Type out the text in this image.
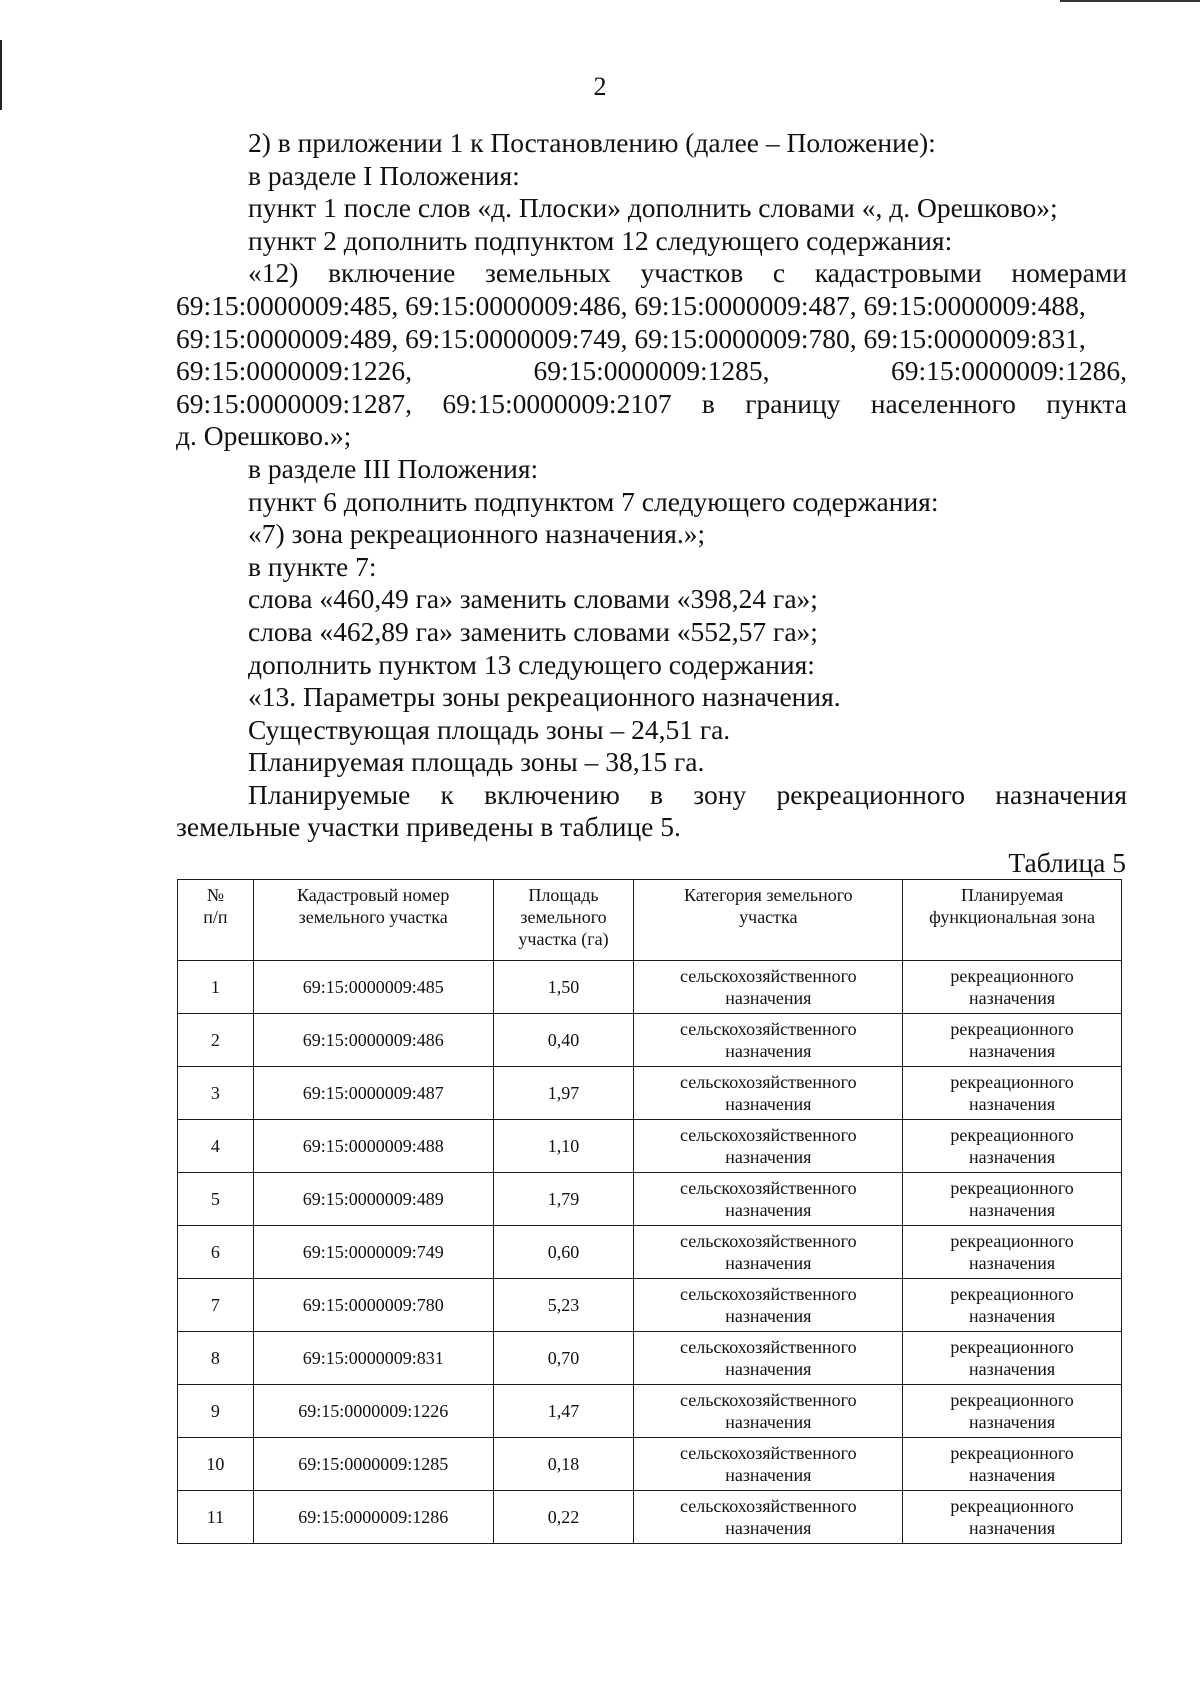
2

2) в приложении 1 к Постановлению (далее – Положение):

в разделе I Положения:

пункт 1 после слов «д. Плоски» дополнить словами «, д. Орешково»;

пункт 2 дополнить подпунктом 12 следующего содержания:

«12) включение земельных участков с кадастровыми номерами

69:15:0000009:485, 69:15:0000009:486, 69:15:0000009:487, 69:15:0000009:488,
69:15:0000009:489, 69:15:0000009:749, 69:15:0000009:780, 69:15:0000009:831,
69:15:0000009:1226,	69:15:0000009:1285,	69:15:0000009:1286,

69:15:0000009:1287, 69:15:0000009:2107 в границу населенного пункта

д. Орешково.»;

в разделе III Положения:

пункт 6 дополнить подпунктом 7 следующего содержания:

«7) зона рекреационного назначения.»;

в пункте 7:

слова «460,49 га» заменить словами «398,24 га»;

слова «462,89 га» заменить словами «552,57 га»;

дополнить пунктом 13 следующего содержания:

«13. Параметры зоны рекреационного назначения.

Существующая площадь зоны – 24,51 га.

Планируемая площадь зоны – 38,15 га.

Планируемые к включению в зону рекреационного назначения

земельные участки приведены в таблице 5.

Таблица 5
№
п/п	Кадастровый номер
земельного участка	Площадь
земельного
участка (га)	Категория земельного
участка	Планируемая
функциональная зона

1	69:15:0000009:485	1,50	сельскохозяйственного
назначения	рекреационного
назначения

2	69:15:0000009:486	0,40	сельскохозяйственного
назначения	рекреационного
назначения

3	69:15:0000009:487	1,97	сельскохозяйственного
назначения	рекреационного
назначения

4	69:15:0000009:488	1,10	сельскохозяйственного
назначения	рекреационного
назначения

5	69:15:0000009:489	1,79	сельскохозяйственного
назначения	рекреационного
назначения

6	69:15:0000009:749	0,60	сельскохозяйственного
назначения	рекреационного
назначения

7	69:15:0000009:780	5,23	сельскохозяйственного
назначения	рекреационного
назначения

8	69:15:0000009:831	0,70	сельскохозяйственного
назначения	рекреационного
назначения

9	69:15:0000009:1226	1,47	сельскохозяйственного
назначения	рекреационного
назначения

10	69:15:0000009:1285	0,18	сельскохозяйственного
назначения	рекреационного
назначения

11	69:15:0000009:1286	0,22	сельскохозяйственного
назначения	рекреационного
назначения
